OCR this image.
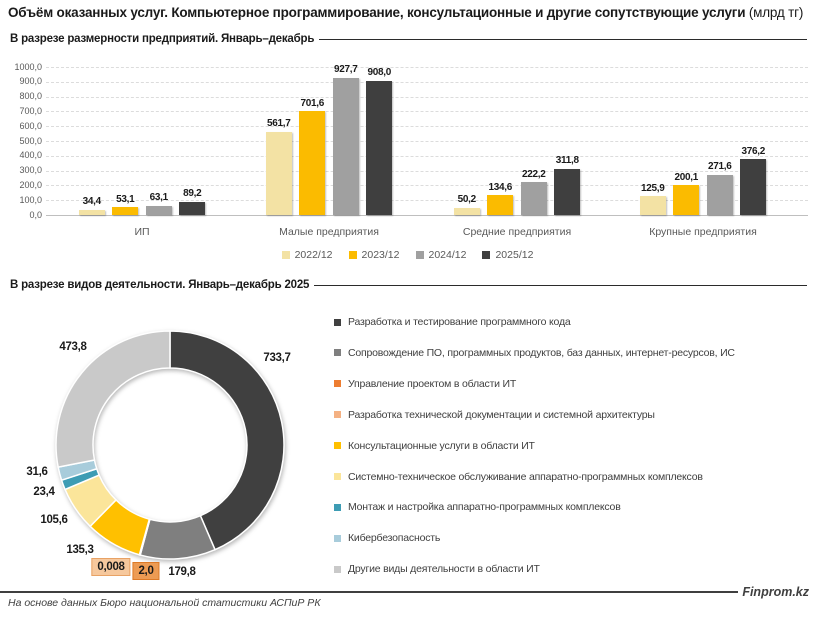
Объём оказанных услуг. Компьютерное программирование, консультационные и другие сопутствующие услуги (млрд тг)
В разрезе размерности предприятий. Январь–декабрь
0,0
100,0
200,0
300,0
400,0
500,0
600,0
700,0
800,0
900,0
1000,0
34,4	53,1	63,1	89,2
ИП
561,7
701,6
927,7 908,0
Малые предприятия
50,2
134,6
222,2
311,8
Средние предприятия
125,9
200,1
271,6
376,2
Крупные предприятия
2022/12	2023/12	2024/12	2025/12
В разрезе видов деятельности. Январь–декабрь 2025
733,7
179,8
2,0
0,008
135,3
105,6
23,4
31,6
473,8
Разработка и тестирование программного кода
Сопровождение ПО, программных продуктов, баз данных, интернет-ресурсов, ИС
Управление проектом в области ИТ
Разработка технической документации и системной архитектуры
Консультационные услуги в области ИТ
Системно-техническое обслуживание аппаратно-программных комплексов
Монтаж и настройка аппаратно-программных комплексов
Кибербезопасность
Другие виды деятельности в области ИТ
Finprom.kz
На основе данных Бюро национальной статистики АСПиР РК
